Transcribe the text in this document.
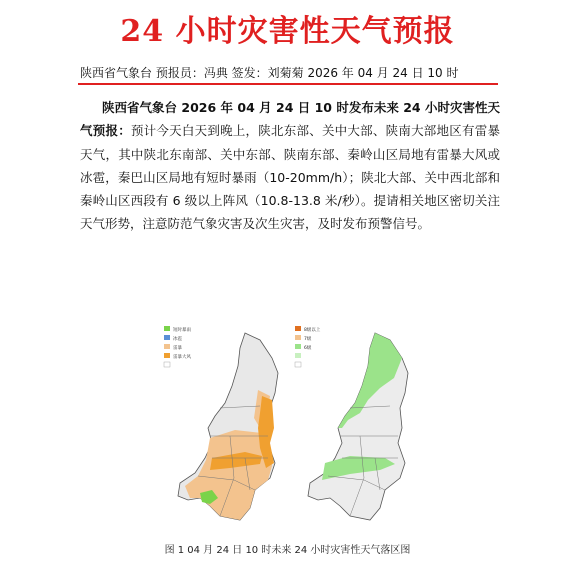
24 小时灾害性天气预报
陕西省气象台 预报员：冯典 签发：刘菊菊 2026 年 04 月 24 日 10 时

陕西省气象台 2026 年 04 月 24 日 10 时发布未来 24 小时灾害性天气预报：预计今天白天到晚上，陕北东部、关中大部、陕南大部地区有雷暴天气，其中陕北东南部、关中东部、陕南东部、秦岭山区局地有雷暴大风或冰雹，秦巴山区局地有短时暴雨（10-20mm/h）；陕北大部、关中西北部和秦岭山区西段有 6 级以上阵风（10.8-13.8 米/秒）。提请相关地区密切关注天气形势，注意防范气象灾害及次生灾害，及时发布预警信号。

短时暴雨
冰雹
雷暴
雷暴大风
8级以上
7级
6级
图 1 04 月 24 日 10 时未来 24 小时灾害性天气落区图
